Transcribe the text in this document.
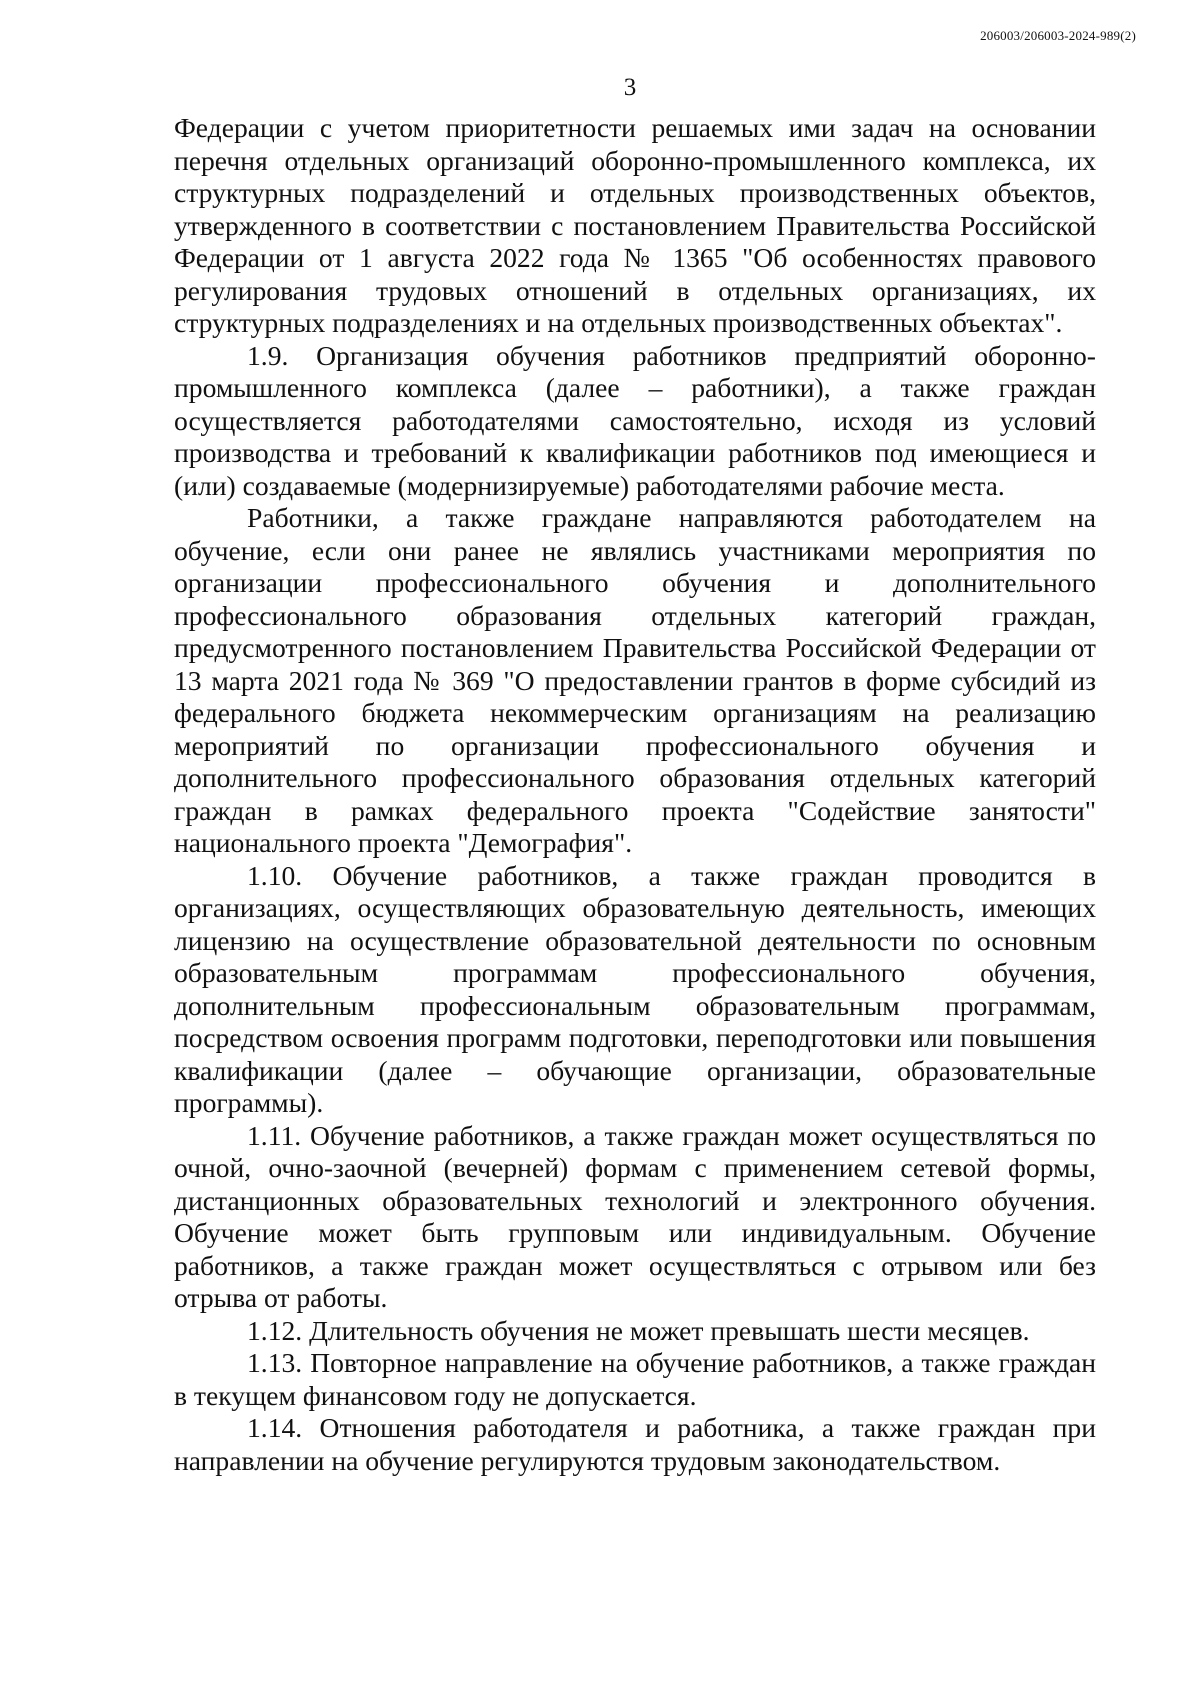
206003/206003-2024-989(2)
3

Федерации с учетом приоритетности решаемых ими задач на основании перечня отдельных организаций оборонно-промышленного комплекса, их структурных подразделений и отдельных производственных объектов, утвержденного в соответствии с постановлением Правительства Российской Федерации от 1 августа 2022 года № 1365 "Об особенностях правового регулирования трудовых отношений в отдельных организациях, их структурных подразделениях и на отдельных производственных объектах".

1.9. Организация обучения работников предприятий оборонно-промышленного комплекса (далее – работники), а также граждан осуществляется работодателями самостоятельно, исходя из условий производства и требований к квалификации работников под имеющиеся и (или) создаваемые (модернизируемые) работодателями рабочие места.

Работники, а также граждане направляются работодателем на обучение, если они ранее не являлись участниками мероприятия по организации профессионального обучения и дополнительного профессионального образования отдельных категорий граждан, предусмотренного постановлением Правительства Российской Федерации от 13 марта 2021 года № 369 "О предоставлении грантов в форме субсидий из федерального бюджета некоммерческим организациям на реализацию мероприятий по организации профессионального обучения и дополнительного профессионального образования отдельных категорий граждан в рамках федерального проекта "Содействие занятости" национального проекта "Демография".

1.10. Обучение работников, а также граждан проводится в организациях, осуществляющих образовательную деятельность, имеющих лицензию на осуществление образовательной деятельности по основным образовательным программам профессионального обучения, дополнительным профессиональным образовательным программам, посредством освоения программ подготовки, переподготовки или повышения квалификации (далее – обучающие организации, образовательные программы).

1.11. Обучение работников, а также граждан может осуществляться по очной, очно-заочной (вечерней) формам с применением сетевой формы, дистанционных образовательных технологий и электронного обучения. Обучение может быть групповым или индивидуальным. Обучение работников, а также граждан может осуществляться с отрывом или без отрыва от работы.

1.12. Длительность обучения не может превышать шести месяцев.

1.13. Повторное направление на обучение работников, а также граждан в текущем финансовом году не допускается.

1.14. Отношения работодателя и работника, а также граждан при направлении на обучение регулируются трудовым законодательством.
